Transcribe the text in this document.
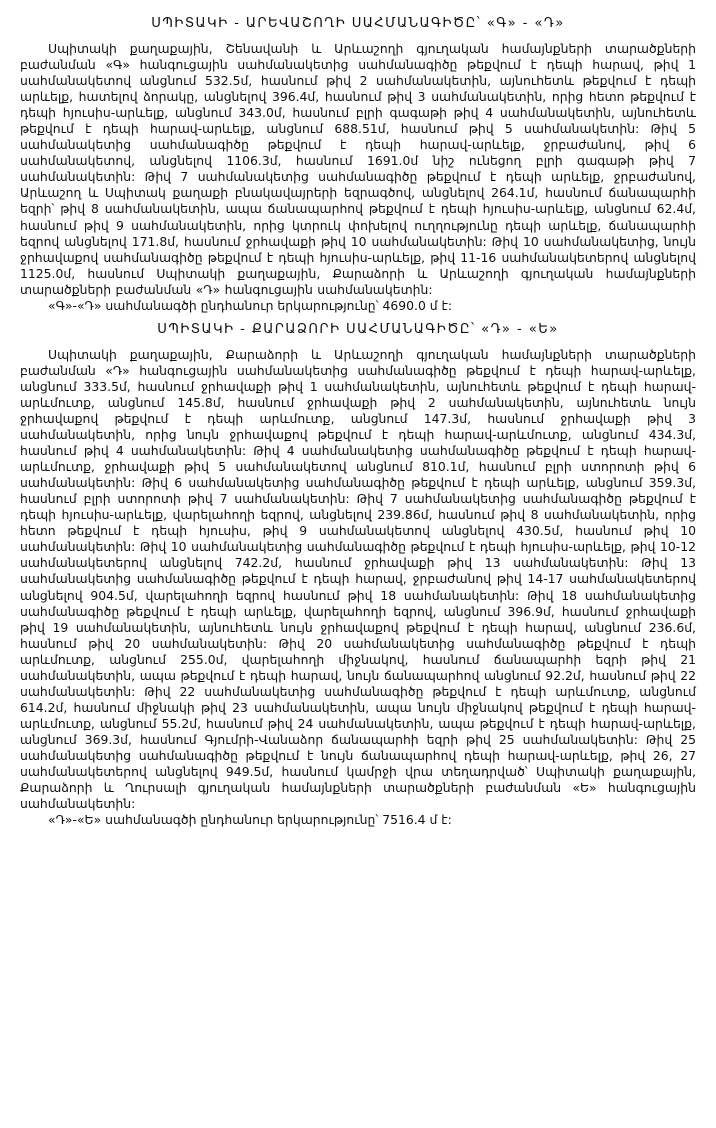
ՍՊԻՏԱԿԻ - ԱՐԵՎԱՇՈՂԻ ՍԱՀՄԱՆԱԳԻԾԸ՝ «Գ» - «Դ»

Սպիտակի քաղաքային, Շենավանի և Արևաշողի գյուղական համայնքների տարածքների բաժանման «Գ» հանգուցային սահմանակետից սահմանագիծը թեքվում է դեպի հարավ, թիվ 1 սահմանակետով անցնում 532.5մ, հասնում թիվ 2 սահմանակետին, այնուհետև թեքվում է դեպի արևելք, հատելով ձորակը, անցնելով 396.4մ, հասնում թիվ 3 սահմանակետին, որից հետո թեքվում է դեպի հյուսիս-արևելք, անցնում 343.0մ, հասնում բլրի գագաթի թիվ 4 սահմանակետին, այնուհետև թեքվում է դեպի հարավ-արևելք, անցնում 688.51մ, հասնում թիվ 5 սահմանակետին: Թիվ 5 սահմանակետից սահմանագիծը թեքվում է դեպի հարավ-արևելք, ջրբաժանով, թիվ 6 սահմանակետով, անցնելով 1106.3մ, հասնում 1691.0մ նիշ ունեցող բլրի գագաթի թիվ 7 սահմանակետին: Թիվ 7 սահմանակետից սահմանագիծը թեքվում է դեպի արևելք, ջրբաժանով, Արևաշող և Սպիտակ քաղաքի բնակավայրերի եզրագծով, անցնելով 264.1մ, հասնում ճանապարհի եզրի՝ թիվ 8 սահմանակետին, ապա ճանապարհով թեքվում է դեպի հյուսիս-արևելք, անցնում 62.4մ, հասնում թիվ 9 սահմանակետին, որից կտրուկ փոխելով ուղղությունը դեպի արևելք, ճանապարհի եզրով անցնելով 171.8մ, հասնում ջրհավաքի թիվ 10 սահմանակետին: Թիվ 10 սահմանակետից, նույն ջրհավաքով սահմանագիծը թեքվում է դեպի հյուսիս-արևելք, թիվ 11-16 սահմանակետերով անցնելով 1125.0մ, հասնում Սպիտակի քաղաքային, Քարաձորի և Արևաշողի գյուղական համայնքների տարածքների բաժանման «Դ» հանգուցային սահմանակետին:

«Գ»-«Դ» սահմանագծի ընդհանուր երկարությունը՝ 4690.0 մ է:

ՍՊԻՏԱԿԻ - ՔԱՐԱՁՈՐԻ ՍԱՀՄԱՆԱԳԻԾԸ՝ «Դ» - «Ե»

Սպիտակի քաղաքային, Քարաձորի և Արևաշողի գյուղական համայնքների տարածքների բաժանման «Դ» հանգուցային սահմանակետից սահմանագիծը թեքվում է դեպի հարավ-արևելք, անցնում 333.5մ, հասնում ջրհավաքի թիվ 1 սահմանակետին, այնուհետև թեքվում է դեպի հարավ-արևմուտք, անցնում 145.8մ, հասնում ջրհավաքի թիվ 2 սահմանակետին, այնուհետև նույն ջրհավաքով թեքվում է դեպի արևմուտք, անցնում 147.3մ, հասնում ջրհավաքի թիվ 3 սահմանակետին, որից նույն ջրհավաքով թեքվում է դեպի հարավ-արևմուտք, անցնում 434.3մ, հասնում թիվ 4 սահմանակետին: Թիվ 4 սահմանակետից սահմանագիծը թեքվում է դեպի հարավ-արևմուտք, ջրհավաքի թիվ 5 սահմանակետով անցնում 810.1մ, հասնում բլրի ստորոտի թիվ 6 սահմանակետին: Թիվ 6 սահմանակետից սահմանագիծը թեքվում է դեպի արևելք, անցնում 359.3մ, հասնում բլրի ստորոտի թիվ 7 սահմանակետին: Թիվ 7 սահմանակետից սահմանագիծը թեքվում է դեպի հյուսիս-արևելք, վարելահողի եզրով, անցնելով 239.86մ, հասնում թիվ 8 սահմանակետին, որից հետո թեքվում է դեպի հյուսիս, թիվ 9 սահմանակետով անցնելով 430.5մ, հասնում թիվ 10 սահմանակետին: Թիվ 10 սահմանակետից սահմանագիծը թեքվում է դեպի հյուսիս-արևելք, թիվ 10-12 սահմանակետերով անցնելով 742.2մ, հասնում ջրհավաքի թիվ 13 սահմանակետին: Թիվ 13 սահմանակետից սահմանագիծը թեքվում է դեպի հարավ, ջրբաժանով թիվ 14-17 սահմանակետերով անցնելով 904.5մ, վարելահողի եզրով հասնում թիվ 18 սահմանակետին: Թիվ 18 սահմանակետից սահմանագիծը թեքվում է դեպի արևելք, վարելահողի եզրով, անցնում 396.9մ, հասնում ջրհավաքի թիվ 19 սահմանակետին, այնուհետև նույն ջրհավաքով թեքվում է դեպի հարավ, անցնում 236.6մ, հասնում թիվ 20 սահմանակետին: Թիվ 20 սահմանակետից սահմանագիծը թեքվում է դեպի արևմուտք, անցնում 255.0մ, վարելահողի միջնակով, հասնում ճանապարհի եզրի թիվ 21 սահմանակետին, ապա թեքվում է դեպի հարավ, նույն ճանապարհով անցնում 92.2մ, հասնում թիվ 22 սահմանակետին: Թիվ 22 սահմանակետից սահմանագիծը թեքվում է դեպի արևմուտք, անցնում 614.2մ, հասնում միջնակի թիվ 23 սահմանակետին, ապա նույն միջնակով թեքվում է դեպի հարավ-արևմուտք, անցնում 55.2մ, հասնում թիվ 24 սահմանակետին, ապա թեքվում է դեպի հարավ-արևելք, անցնում 369.3մ, հասնում Գյումրի-Վանաձոր ճանապարհի եզրի թիվ 25 սահմանակետին: Թիվ 25 սահմանակետից սահմանագիծը թեքվում է նույն ճանապարհով դեպի հարավ-արևելք, թիվ 26, 27 սահմանակետերով անցնելով 949.5մ, հասնում կամրջի վրա տեղադրված՝ Սպիտակի քաղաքային, Քարաձորի և Ղուրսալի գյուղական համայնքների տարածքների բաժանման «Ե» հանգուցային սահմանակետին:

«Դ»-«Ե» սահմանագծի ընդհանուր երկարությունը՝ 7516.4 մ է:
